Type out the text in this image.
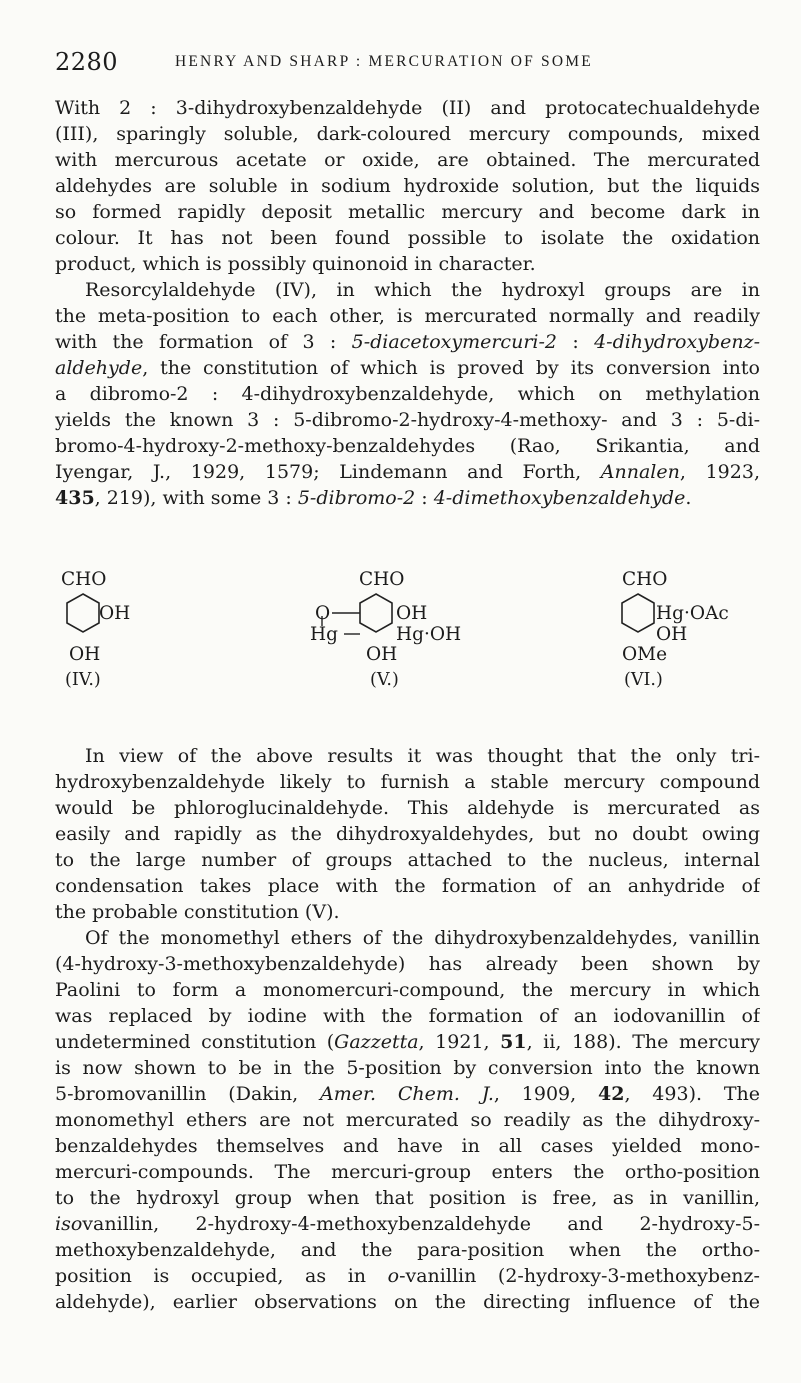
2280	HENRY AND SHARP : MERCURATION OF SOME
With 2 : 3-dihydroxybenzaldehyde (II) and protocatechualdehyde
(III), sparingly soluble, dark-coloured mercury compounds, mixed
with mercurous acetate or oxide, are obtained. The mercurated
aldehydes are soluble in sodium hydroxide solution, but the liquids
so formed rapidly deposit metallic mercury and become dark in
colour. It has not been found possible to isolate the oxidation
product, which is possibly quinonoid in character.
Resorcylaldehyde (IV), in which the hydroxyl groups are in
the meta-position to each other, is mercurated normally and readily
with the formation of 3 : 5-diacetoxymercuri-2 : 4-dihydroxybenz-
aldehyde, the constitution of which is proved by its conversion into
a dibromo-2 : 4-dihydroxybenzaldehyde, which on methylation
yields the known 3 : 5-dibromo-2-hydroxy-4-methoxy- and 3 : 5-di-
bromo-4-hydroxy-2-methoxy-benzaldehydes (Rao, Srikantia, and
Iyengar, J., 1929, 1579; Lindemann and Forth, Annalen, 1923,
435, 219), with some 3 : 5-dibromo-2 : 4-dimethoxybenzaldehyde.
CHO
OH
OH
(IV.)
CHO
O
Hg
OH
Hg·OH
OH
(V.)
CHO
Hg·OAc
OH
OMe
(VI.)
In view of the above results it was thought that the only tri-
hydroxybenzaldehyde likely to furnish a stable mercury compound
would be phloroglucinaldehyde. This aldehyde is mercurated as
easily and rapidly as the dihydroxyaldehydes, but no doubt owing
to the large number of groups attached to the nucleus, internal
condensation takes place with the formation of an anhydride of
the probable constitution (V).
Of the monomethyl ethers of the dihydroxybenzaldehydes, vanillin
(4-hydroxy-3-methoxybenzaldehyde) has already been shown by
Paolini to form a monomercuri-compound, the mercury in which
was replaced by iodine with the formation of an iodovanillin of
undetermined constitution (Gazzetta, 1921, 51, ii, 188). The mercury
is now shown to be in the 5-position by conversion into the known
5-bromovanillin (Dakin, Amer. Chem. J., 1909, 42, 493). The
monomethyl ethers are not mercurated so readily as the dihydroxy-
benzaldehydes themselves and have in all cases yielded mono-
mercuri-compounds. The mercuri-group enters the ortho-position
to the hydroxyl group when that position is free, as in vanillin,
isovanillin, 2-hydroxy-4-methoxybenzaldehyde and 2-hydroxy-5-
methoxybenzaldehyde, and the para-position when the ortho-
position is occupied, as in o-vanillin (2-hydroxy-3-methoxybenz-
aldehyde), earlier observations on the directing influence of the
